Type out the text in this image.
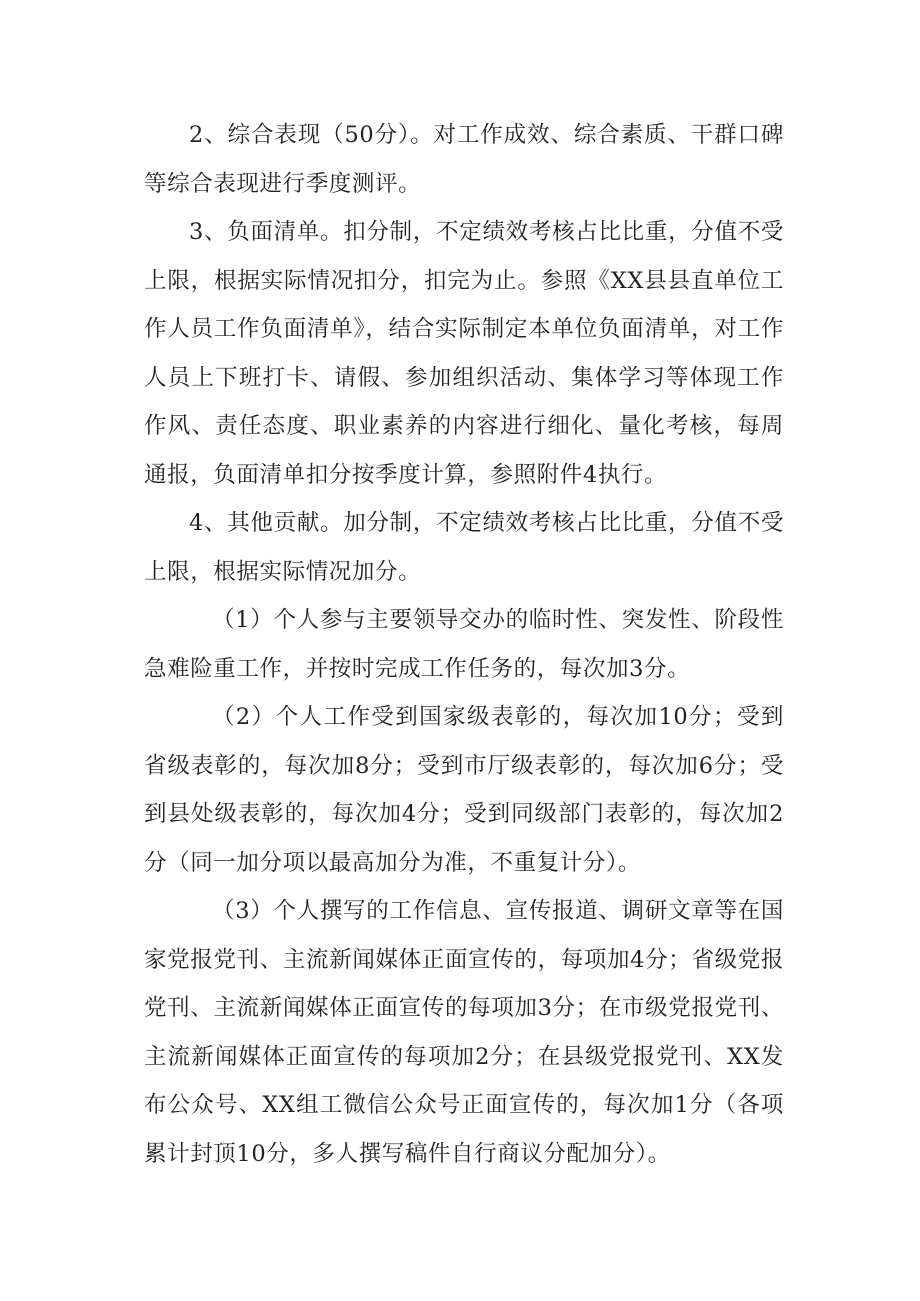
2、综合表现（50分）。对工作成效、综合素质、干群口碑等综合表现进行季度测评。

3、负面清单。扣分制，不定绩效考核占比比重，分值不受上限，根据实际情况扣分，扣完为止。参照《XX县县直单位工作人员工作负面清单》，结合实际制定本单位负面清单，对工作人员上下班打卡、请假、参加组织活动、集体学习等体现工作作风、责任态度、职业素养的内容进行细化、量化考核，每周通报，负面清单扣分按季度计算，参照附件4执行。

4、其他贡献。加分制，不定绩效考核占比比重，分值不受上限，根据实际情况加分。

（1）个人参与主要领导交办的临时性、突发性、阶段性急难险重工作，并按时完成工作任务的，每次加3分。

（2）个人工作受到国家级表彰的，每次加10分；受到省级表彰的，每次加8分；受到市厅级表彰的，每次加6分；受到县处级表彰的，每次加4分；受到同级部门表彰的，每次加2分（同一加分项以最高加分为准，不重复计分）。

（3）个人撰写的工作信息、宣传报道、调研文章等在国家党报党刊、主流新闻媒体正面宣传的，每项加4分；省级党报党刊、主流新闻媒体正面宣传的每项加3分；在市级党报党刊、主流新闻媒体正面宣传的每项加2分；在县级党报党刊、XX发布公众号、XX组工微信公众号正面宣传的，每次加1分（各项累计封顶10分，多人撰写稿件自行商议分配加分）。
